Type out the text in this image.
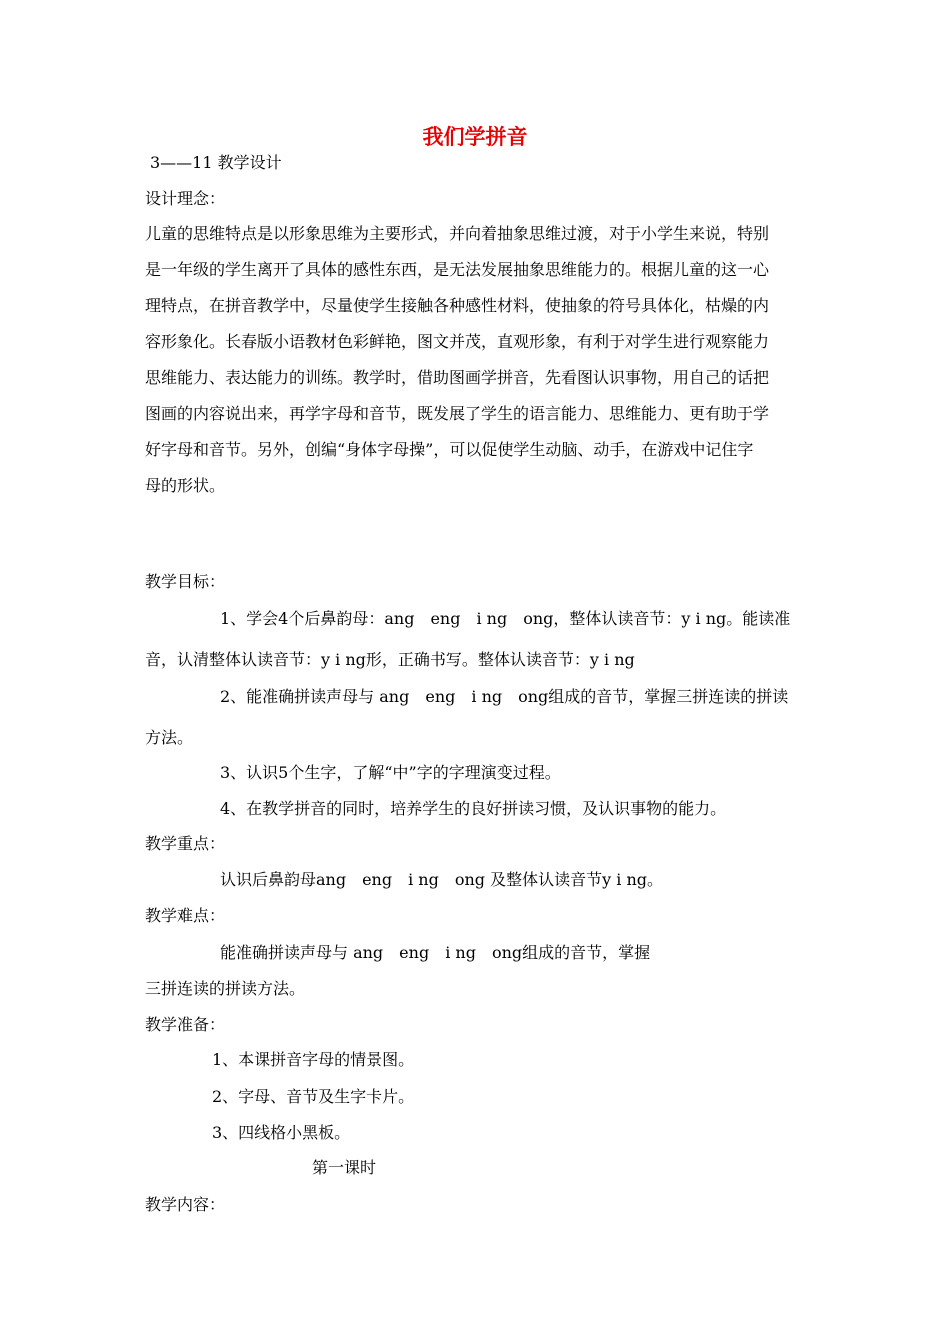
我们学拼音
3——11 教学设计
设计理念：
儿童的思维特点是以形象思维为主要形式，并向着抽象思维过渡，对于小学生来说，特别
是一年级的学生离开了具体的感性东西，是无法发展抽象思维能力的。根据儿童的这一心
理特点，在拼音教学中，尽量使学生接触各种感性材料，使抽象的符号具体化，枯燥的内
容形象化。长春版小语教材色彩鲜艳，图文并茂，直观形象，有利于对学生进行观察能力
思维能力、表达能力的训练。教学时，借助图画学拼音，先看图认识事物，用自己的话把
图画的内容说出来，再学字母和音节，既发展了学生的语言能力、思维能力、更有助于学
好字母和音节。另外，创编“身体字母操”，可以促使学生动脑、动手，在游戏中记住字
母的形状。
教学目标：
1、学会4个后鼻韵母：ang　eng　i ng　ong，整体认读音节：y i ng。能读准
音，认清整体认读音节：y i ng形，正确书写。整体认读音节：y i ng
2、能准确拼读声母与 ang　eng　i ng　ong组成的音节，掌握三拼连读的拼读
方法。
3、认识5个生字，了解“中”字的字理演变过程。
4、在教学拼音的同时，培养学生的良好拼读习惯，及认识事物的能力。
教学重点：
认识后鼻韵母ang　eng　i ng　ong 及整体认读音节y i ng。
教学难点：
能准确拼读声母与 ang　eng　i ng　ong组成的音节，掌握
三拼连读的拼读方法。
教学准备：
1、本课拼音字母的情景图。
2、字母、音节及生字卡片。
3、四线格小黑板。
第一课时
教学内容：
